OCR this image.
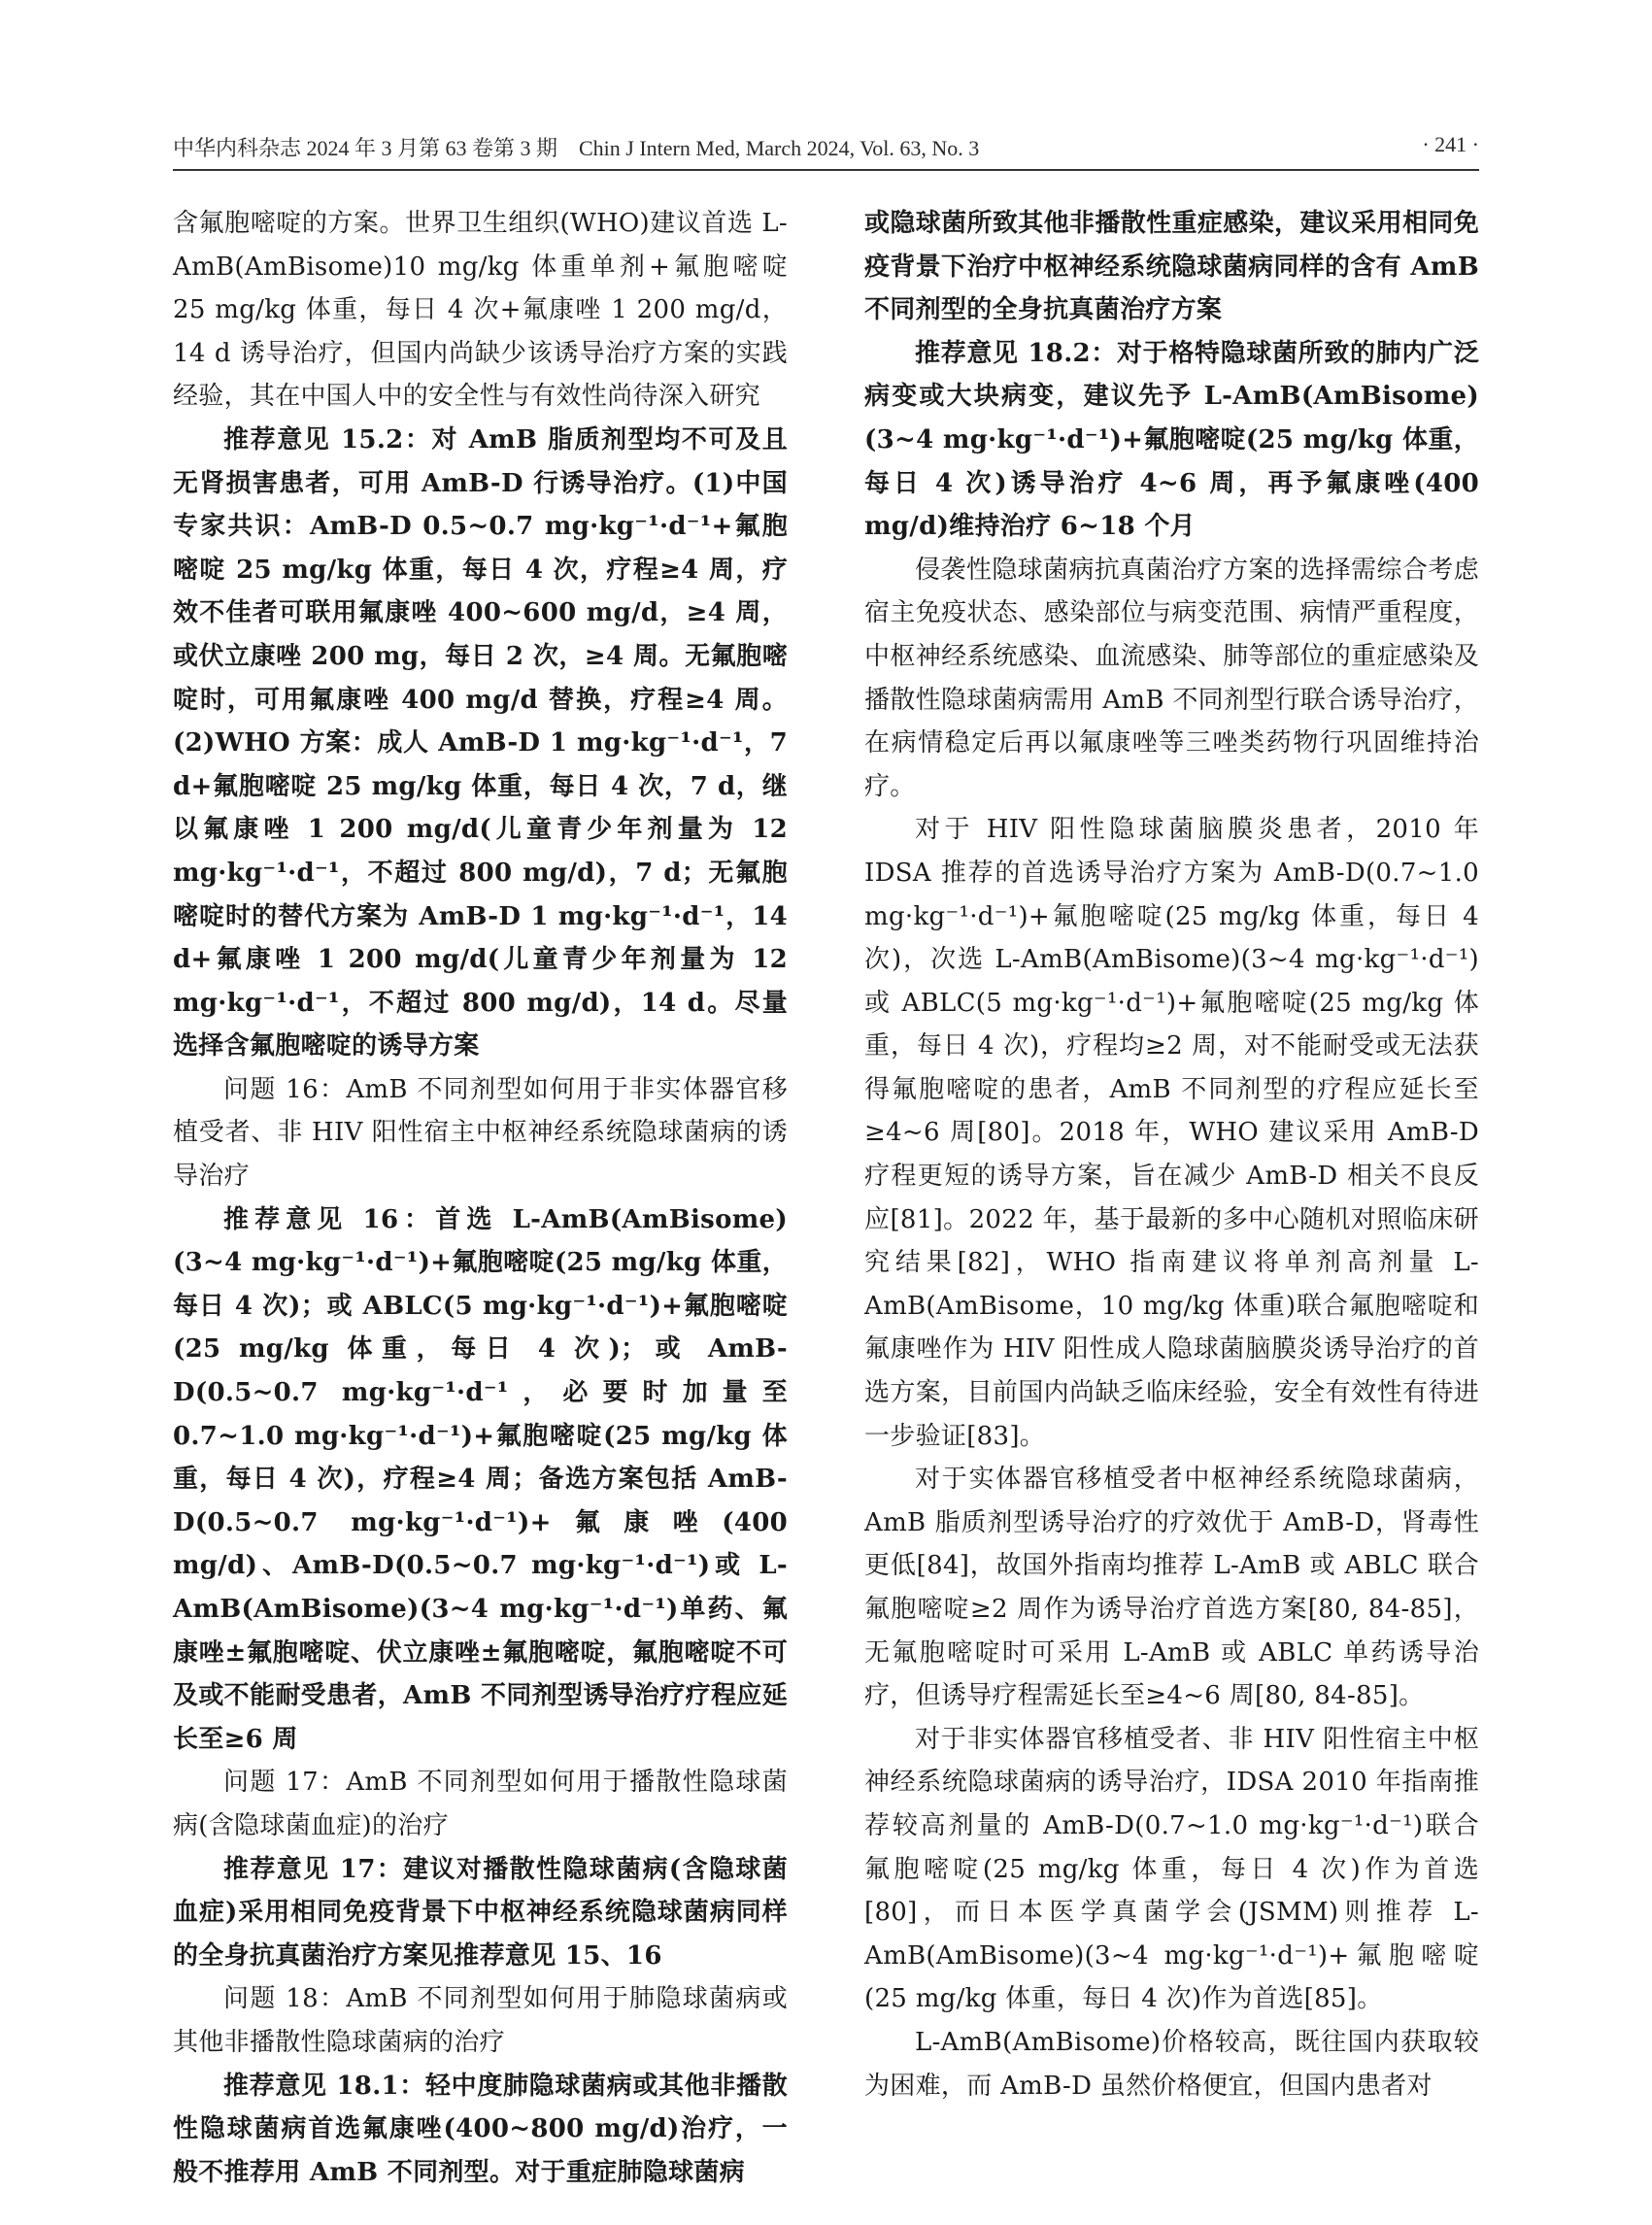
中华内科杂志 2024 年 3 月第 63 卷第 3 期　Chin J Intern Med, March 2024, Vol. 63, No. 3	· 241 ·

含氟胞嘧啶的方案。世界卫生组织(WHO)建议首选 L-AmB(AmBisome)10 mg/kg 体重单剂+氟胞嘧啶 25 mg/kg 体重，每日 4 次+氟康唑 1 200 mg/d，14 d 诱导治疗，但国内尚缺少该诱导治疗方案的实践经验，其在中国人中的安全性与有效性尚待深入研究

推荐意见 15.2：对 AmB 脂质剂型均不可及且无肾损害患者，可用 AmB-D 行诱导治疗。(1)中国专家共识：AmB-D 0.5~0.7 mg·kg⁻¹·d⁻¹+氟胞嘧啶 25 mg/kg 体重，每日 4 次，疗程≥4 周，疗效不佳者可联用氟康唑 400~600 mg/d，≥4 周，或伏立康唑 200 mg，每日 2 次，≥4 周。无氟胞嘧啶时，可用氟康唑 400 mg/d 替换，疗程≥4 周。(2)WHO 方案：成人 AmB-D 1 mg·kg⁻¹·d⁻¹，7 d+氟胞嘧啶 25 mg/kg 体重，每日 4 次，7 d，继以氟康唑 1 200 mg/d(儿童青少年剂量为 12 mg·kg⁻¹·d⁻¹，不超过 800 mg/d)，7 d；无氟胞嘧啶时的替代方案为 AmB-D 1 mg·kg⁻¹·d⁻¹，14 d+氟康唑 1 200 mg/d(儿童青少年剂量为 12 mg·kg⁻¹·d⁻¹，不超过 800 mg/d)，14 d。尽量选择含氟胞嘧啶的诱导方案

问题 16：AmB 不同剂型如何用于非实体器官移植受者、非 HIV 阳性宿主中枢神经系统隐球菌病的诱导治疗

推荐意见 16：首选 L-AmB(AmBisome)(3~4 mg·kg⁻¹·d⁻¹)+氟胞嘧啶(25 mg/kg 体重，每日 4 次)；或 ABLC(5 mg·kg⁻¹·d⁻¹)+氟胞嘧啶(25 mg/kg 体重，每日 4 次)；或 AmB-D(0.5~0.7 mg·kg⁻¹·d⁻¹，必要时加量至 0.7~1.0 mg·kg⁻¹·d⁻¹)+氟胞嘧啶(25 mg/kg 体重，每日 4 次)，疗程≥4 周；备选方案包括 AmB-D(0.5~0.7 mg·kg⁻¹·d⁻¹)+氟康唑(400 mg/d)、AmB-D(0.5~0.7 mg·kg⁻¹·d⁻¹)或 L-AmB(AmBisome)(3~4 mg·kg⁻¹·d⁻¹)单药、氟康唑±氟胞嘧啶、伏立康唑±氟胞嘧啶，氟胞嘧啶不可及或不能耐受患者，AmB 不同剂型诱导治疗疗程应延长至≥6 周

问题 17：AmB 不同剂型如何用于播散性隐球菌病(含隐球菌血症)的治疗

推荐意见 17：建议对播散性隐球菌病(含隐球菌血症)采用相同免疫背景下中枢神经系统隐球菌病同样的全身抗真菌治疗方案见推荐意见 15、16

问题 18：AmB 不同剂型如何用于肺隐球菌病或其他非播散性隐球菌病的治疗

推荐意见 18.1：轻中度肺隐球菌病或其他非播散性隐球菌病首选氟康唑(400~800 mg/d)治疗，一般不推荐用 AmB 不同剂型。对于重症肺隐球菌病

或隐球菌所致其他非播散性重症感染，建议采用相同免疫背景下治疗中枢神经系统隐球菌病同样的含有 AmB 不同剂型的全身抗真菌治疗方案

推荐意见 18.2：对于格特隐球菌所致的肺内广泛病变或大块病变，建议先予 L-AmB(AmBisome)(3~4 mg·kg⁻¹·d⁻¹)+氟胞嘧啶(25 mg/kg 体重，每日 4 次)诱导治疗 4~6 周，再予氟康唑(400 mg/d)维持治疗 6~18 个月

侵袭性隐球菌病抗真菌治疗方案的选择需综合考虑宿主免疫状态、感染部位与病变范围、病情严重程度，中枢神经系统感染、血流感染、肺等部位的重症感染及播散性隐球菌病需用 AmB 不同剂型行联合诱导治疗，在病情稳定后再以氟康唑等三唑类药物行巩固维持治疗。

对于 HIV 阳性隐球菌脑膜炎患者，2010 年 IDSA 推荐的首选诱导治疗方案为 AmB-D(0.7~1.0 mg·kg⁻¹·d⁻¹)+氟胞嘧啶(25 mg/kg 体重，每日 4 次)，次选 L-AmB(AmBisome)(3~4 mg·kg⁻¹·d⁻¹)或 ABLC(5 mg·kg⁻¹·d⁻¹)+氟胞嘧啶(25 mg/kg 体重，每日 4 次)，疗程均≥2 周，对不能耐受或无法获得氟胞嘧啶的患者，AmB 不同剂型的疗程应延长至≥4~6 周[80]。2018 年，WHO 建议采用 AmB-D 疗程更短的诱导方案，旨在减少 AmB-D 相关不良反应[81]。2022 年，基于最新的多中心随机对照临床研究结果[82]，WHO 指南建议将单剂高剂量 L-AmB(AmBisome，10 mg/kg 体重)联合氟胞嘧啶和氟康唑作为 HIV 阳性成人隐球菌脑膜炎诱导治疗的首选方案，目前国内尚缺乏临床经验，安全有效性有待进一步验证[83]。

对于实体器官移植受者中枢神经系统隐球菌病，AmB 脂质剂型诱导治疗的疗效优于 AmB-D，肾毒性更低[84]，故国外指南均推荐 L-AmB 或 ABLC 联合氟胞嘧啶≥2 周作为诱导治疗首选方案[80, 84-85]，无氟胞嘧啶时可采用 L-AmB 或 ABLC 单药诱导治疗，但诱导疗程需延长至≥4~6 周[80, 84-85]。

对于非实体器官移植受者、非 HIV 阳性宿主中枢神经系统隐球菌病的诱导治疗，IDSA 2010 年指南推荐较高剂量的 AmB-D(0.7~1.0 mg·kg⁻¹·d⁻¹)联合氟胞嘧啶(25 mg/kg 体重，每日 4 次)作为首选[80]，而日本医学真菌学会(JSMM)则推荐 L-AmB(AmBisome)(3~4 mg·kg⁻¹·d⁻¹)+氟胞嘧啶(25 mg/kg 体重，每日 4 次)作为首选[85]。

L-AmB(AmBisome)价格较高，既往国内获取较为困难，而 AmB-D 虽然价格便宜，但国内患者对
